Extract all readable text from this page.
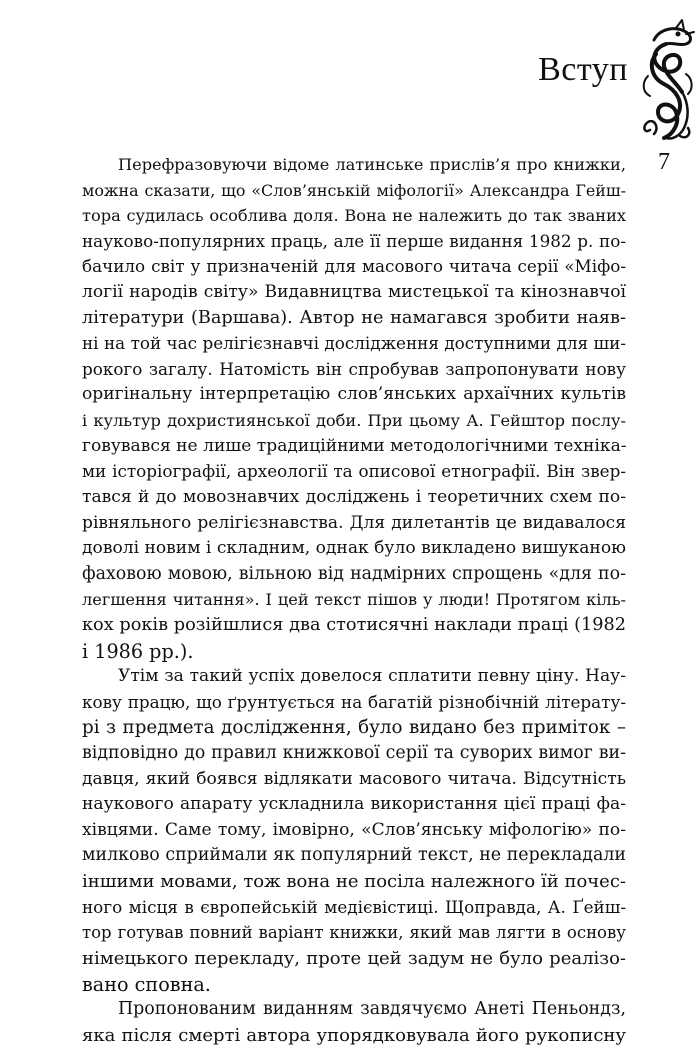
Вступ
7
Перефразовуючи відоме латинське прислів’я про книжки,
можна сказати, що «Слов’янській міфології» Александра Гейш-
тора судилась особлива доля. Вона не належить до так званих
науково-популярних праць, але її перше видання 1982 р. по-
бачило світ у призначеній для масового читача серії «Міфо-
логії народів світу» Видавництва мистецької та кінознавчої
літератури (Варшава). Автор не намагався зробити наяв-
ні на той час релігієзнавчі дослідження доступними для ши-
рокого загалу. Натомість він спробував запропонувати нову
оригінальну інтерпретацію слов’янських архаїчних культів
і культур дохристиянської доби. При цьому А. Гейштор послу-
говувався не лише традиційними методологічними техніка-
ми історіографії, археології та описової етнографії. Він звер-
тався й до мовознавчих досліджень і теоретичних схем по-
рівняльного релігієзнавства. Для дилетантів це видавалося
доволі новим і складним, однак було викладено вишуканою
фаховою мовою, вільною від надмірних спрощень «для по-
легшення читання». І цей текст пішов у люди! Протягом кіль-
кох років розійшлися два стотисячні наклади праці (1982
і 1986 рр.).
Утім за такий успіх довелося сплатити певну ціну. Нау-
кову працю, що ґрунтується на багатій різнобічній літерату-
рі з предмета дослідження, було видано без приміток –
відповідно до правил книжкової серії та суворих вимог ви-
давця, який боявся відлякати масового читача. Відсутність
наукового апарату ускладнила використання цієї праці фа-
хівцями. Саме тому, імовірно, «Слов’янську міфологію» по-
милково сприймали як популярний текст, не перекладали
іншими мовами, тож вона не посіла належного їй почес-
ного місця в європейській медієвістиці. Щоправда, А. Ґейш-
тор готував повний варіант книжки, який мав лягти в основу
німецького перекладу, проте цей задум не було реалізо-
вано сповна.
Пропонованим виданням завдячуємо Анеті Пеньондз,
яка після смерті автора упорядковувала його рукописну
